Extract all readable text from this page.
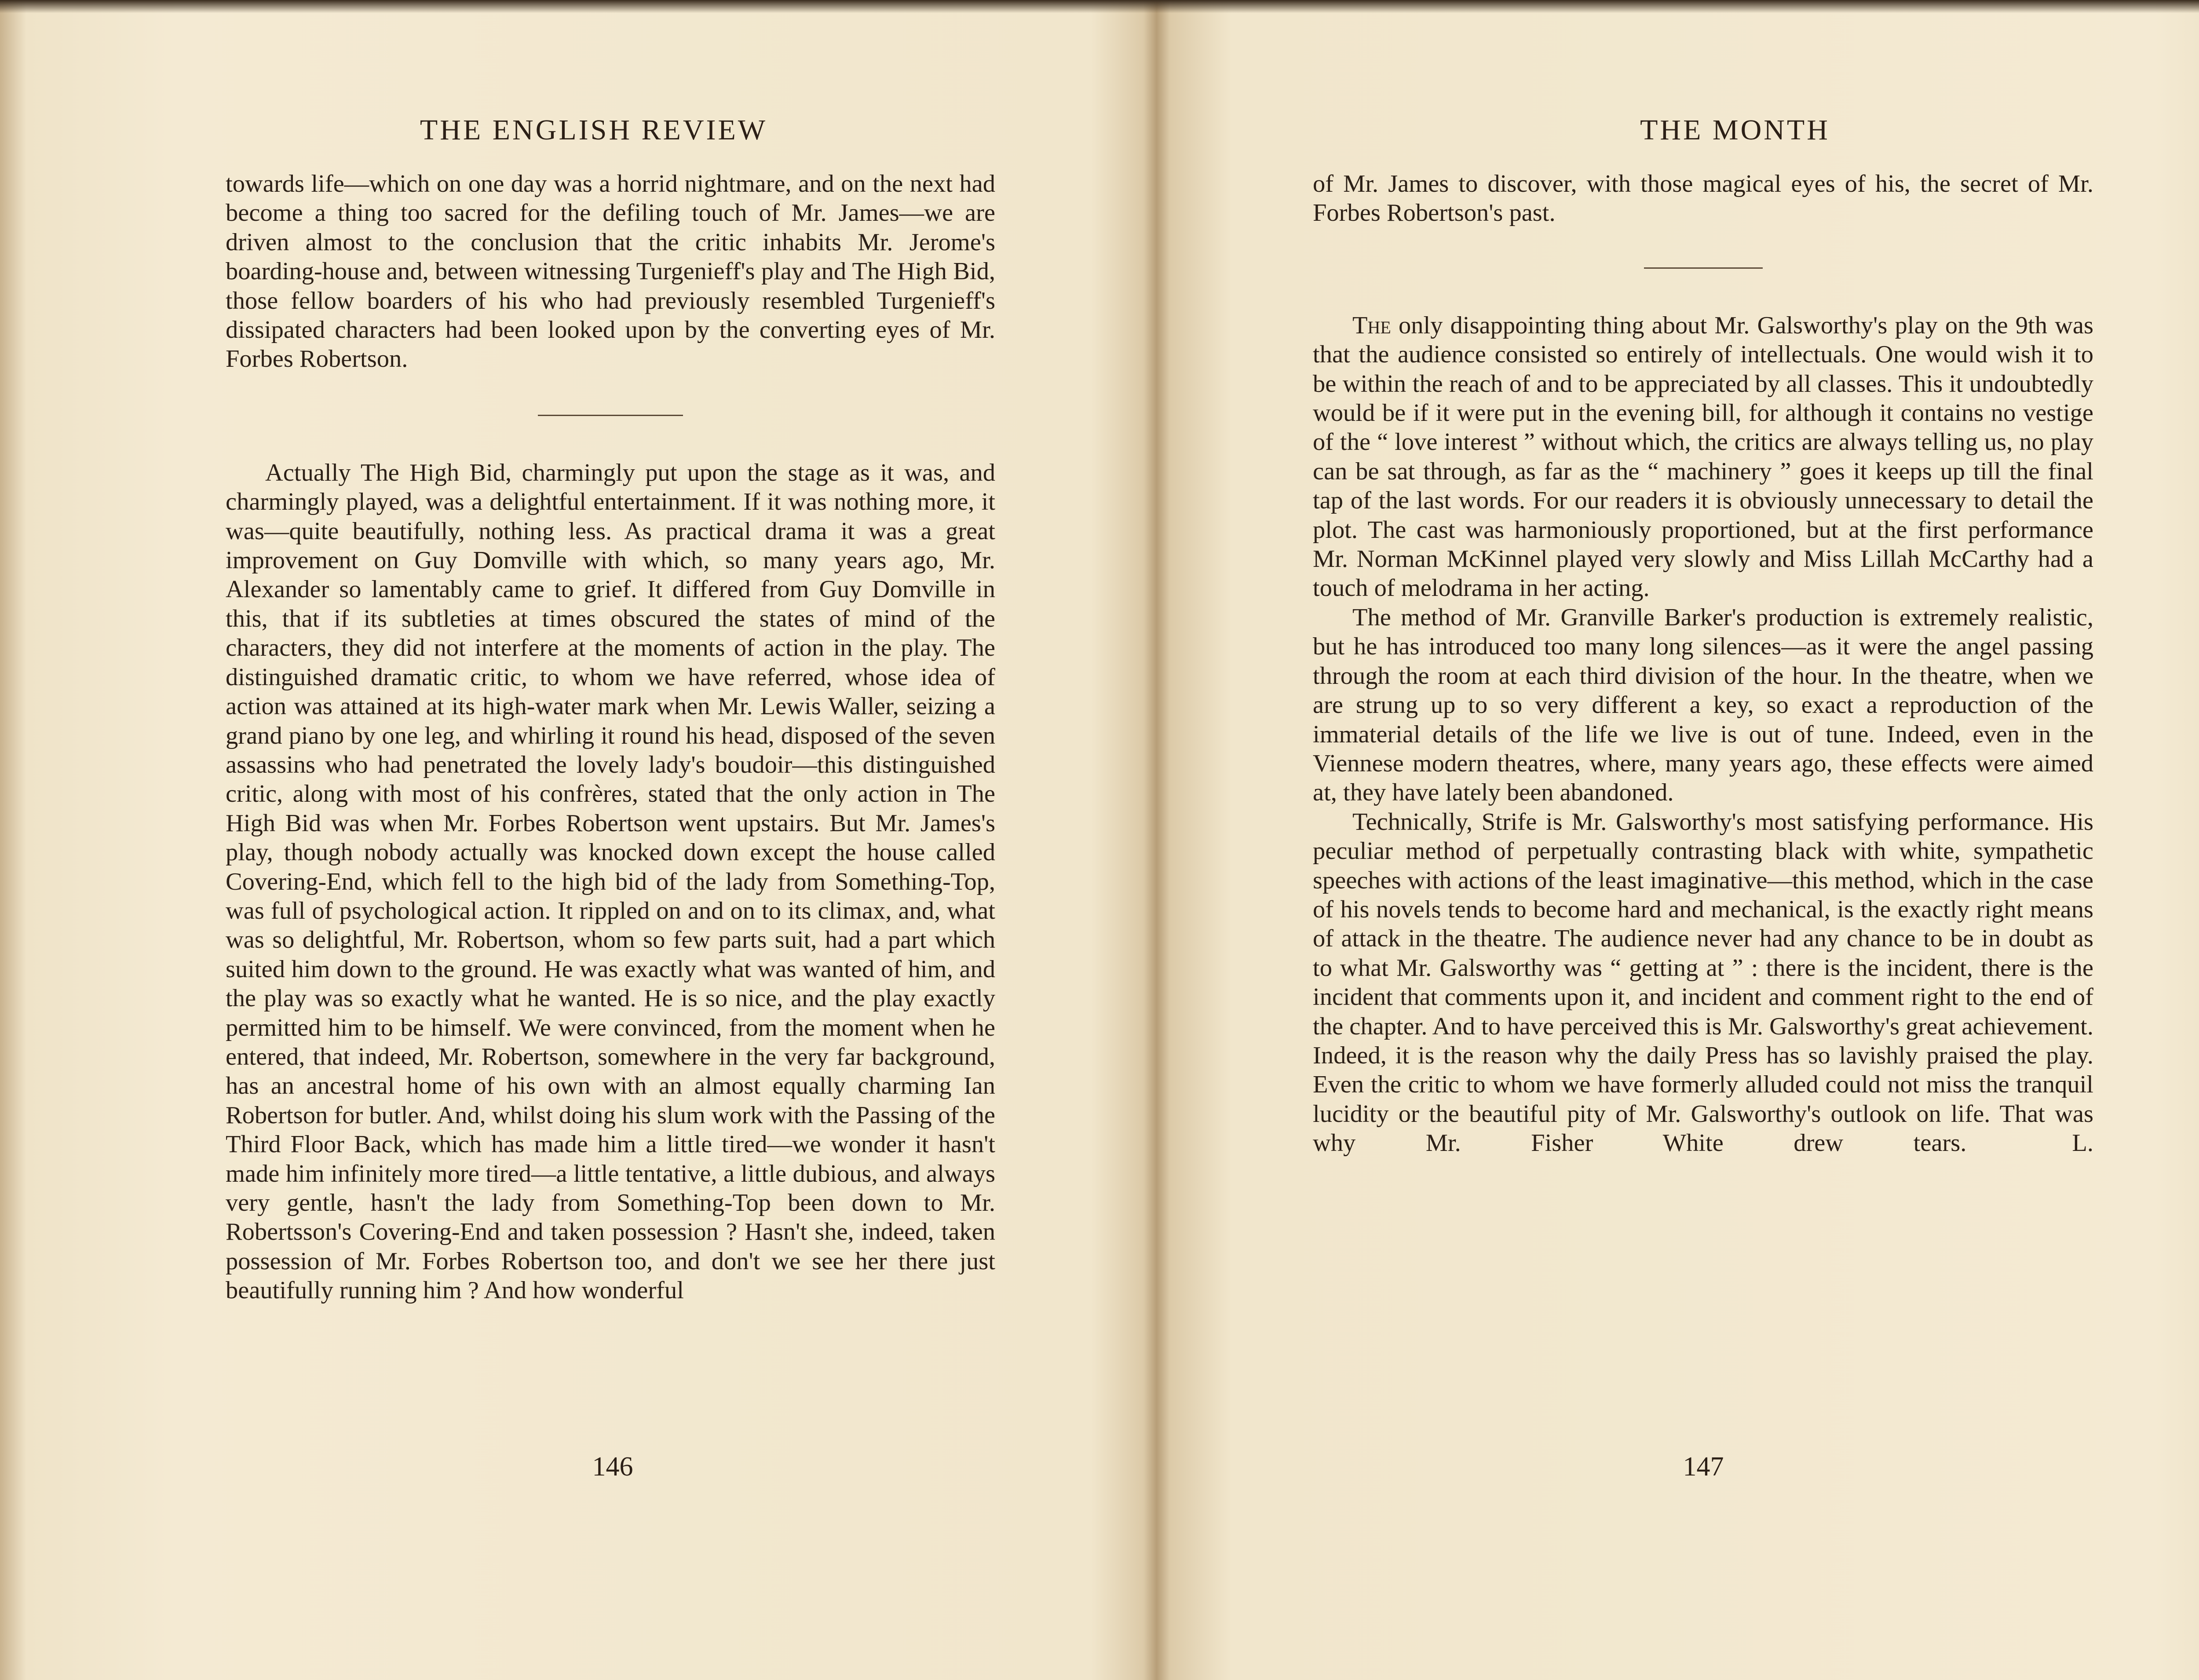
THE ENGLISH REVIEW

towards life—which on one day was a horrid nightmare, and on the next had become a thing too sacred for the defiling touch of Mr. James—we are driven almost to the conclusion that the critic inhabits Mr. Jerome's boarding-house and, between witnessing Turgenieff's play and The High Bid, those fellow boarders of his who had previously resembled Turgenieff's dissipated characters had been looked upon by the converting eyes of Mr. Forbes Robertson.

Actually The High Bid, charmingly put upon the stage as it was, and charmingly played, was a delightful entertainment. If it was nothing more, it was—quite beautifully, nothing less. As practical drama it was a great improvement on Guy Domville with which, so many years ago, Mr. Alexander so lamentably came to grief. It differed from Guy Domville in this, that if its subtleties at times obscured the states of mind of the characters, they did not interfere at the moments of action in the play. The distinguished dramatic critic, to whom we have referred, whose idea of action was attained at its high-water mark when Mr. Lewis Waller, seizing a grand piano by one leg, and whirling it round his head, disposed of the seven assassins who had penetrated the lovely lady's boudoir—this distinguished critic, along with most of his confrères, stated that the only action in The High Bid was when Mr. Forbes Robertson went upstairs. But Mr. James's play, though nobody actually was knocked down except the house called Covering-End, which fell to the high bid of the lady from Something-Top, was full of psychological action. It rippled on and on to its climax, and, what was so delightful, Mr. Robertson, whom so few parts suit, had a part which suited him down to the ground. He was exactly what was wanted of him, and the play was so exactly what he wanted. He is so nice, and the play exactly permitted him to be himself. We were convinced, from the moment when he entered, that indeed, Mr. Robertson, somewhere in the very far background, has an ancestral home of his own with an almost equally charming Ian Robertson for butler. And, whilst doing his slum work with the Passing of the Third Floor Back, which has made him a little tired—we wonder it hasn't made him infinitely more tired—a little tentative, a little dubious, and always very gentle, hasn't the lady from Something-Top been down to Mr. Robertsson's Covering-End and taken possession ? Hasn't she, indeed, taken possession of Mr. Forbes Robertson too, and don't we see her there just beautifully running him ? And how wonderful

146
THE MONTH

of Mr. James to discover, with those magical eyes of his, the secret of Mr. Forbes Robertson's past.

The only disappointing thing about Mr. Galsworthy's play on the 9th was that the audience consisted so entirely of intellectuals. One would wish it to be within the reach of and to be appreciated by all classes. This it undoubtedly would be if it were put in the evening bill, for although it contains no vestige of the “ love interest ” without which, the critics are always telling us, no play can be sat through, as far as the “ machinery ” goes it keeps up till the final tap of the last words. For our readers it is obviously unnecessary to detail the plot. The cast was harmoniously proportioned, but at the first performance Mr. Norman McKinnel played very slowly and Miss Lillah McCarthy had a touch of melodrama in her acting.

The method of Mr. Granville Barker's production is extremely realistic, but he has introduced too many long silences—as it were the angel passing through the room at each third division of the hour. In the theatre, when we are strung up to so very different a key, so exact a reproduction of the immaterial details of the life we live is out of tune. Indeed, even in the Viennese modern theatres, where, many years ago, these effects were aimed at, they have lately been abandoned.

Technically, Strife is Mr. Galsworthy's most satisfying performance. His peculiar method of perpetually contrasting black with white, sympathetic speeches with actions of the least imaginative—this method, which in the case of his novels tends to become hard and mechanical, is the exactly right means of attack in the theatre. The audience never had any chance to be in doubt as to what Mr. Galsworthy was “ getting at ” : there is the incident, there is the incident that comments upon it, and incident and comment right to the end of the chapter. And to have perceived this is Mr. Galsworthy's great achievement. Indeed, it is the reason why the daily Press has so lavishly praised the play. Even the critic to whom we have formerly alluded could not miss the tranquil lucidity or the beautiful pity of Mr. Galsworthy's outlook on life. That was why Mr. Fisher White drew tears.	L.

147
